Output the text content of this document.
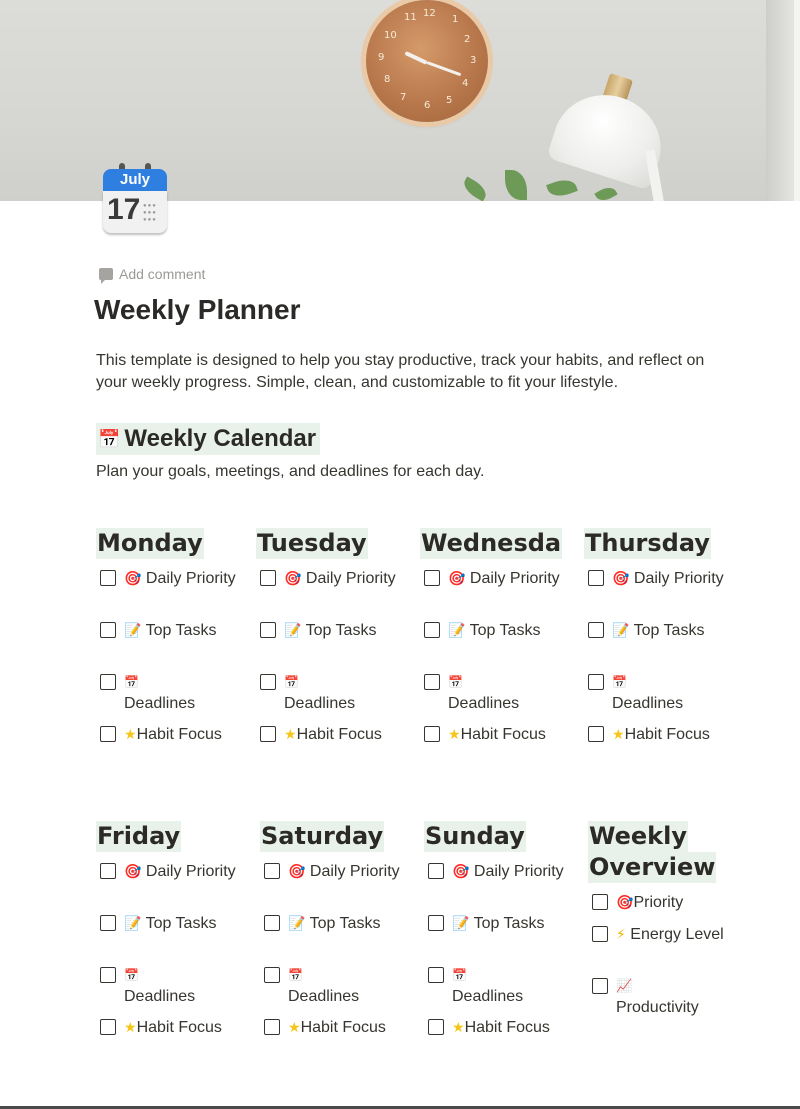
12
11	1
2
3
4
5
6
7
8
9
10
July
17 ●●●
●●●
●●●
Add comment
Weekly Planner

This template is designed to help you stay productive, track your habits, and reflect on your weekly progress. Simple, clean, and customizable to fit your lifestyle.

📅 Weekly Calendar

Plan your goals, meetings, and deadlines for each day.

Monday
🎯 Daily Priority
📝 Top Tasks
📅
Deadlines
★Habit Focus
Tuesday
🎯 Daily Priority
📝 Top Tasks
📅
Deadlines
★Habit Focus
Wednesda
🎯 Daily Priority
📝 Top Tasks
📅
Deadlines
★Habit Focus
Thursday
🎯 Daily Priority
📝 Top Tasks
📅
Deadlines
★Habit Focus
Friday
🎯 Daily Priority
📝 Top Tasks
📅
Deadlines
★Habit Focus
Saturday
🎯 Daily Priority
📝 Top Tasks
📅
Deadlines
★Habit Focus
Sunday
🎯 Daily Priority
📝 Top Tasks
📅
Deadlines
★Habit Focus
Weekly
Overview
🎯Priority
⚡ Energy Level
📈
Productivity
